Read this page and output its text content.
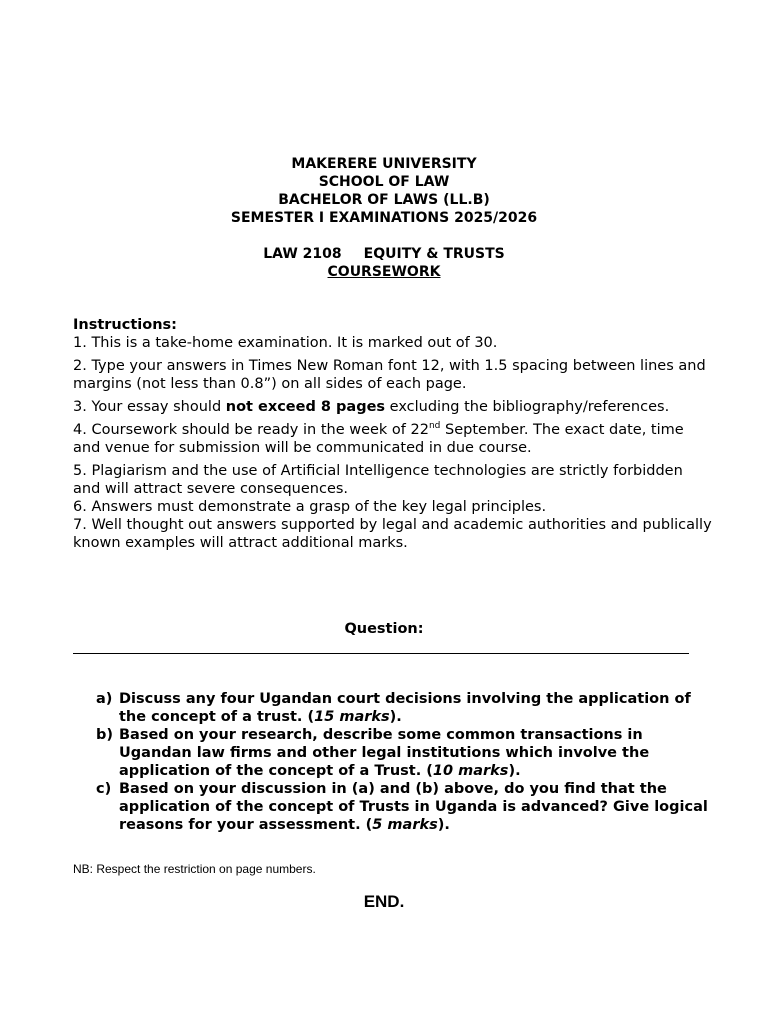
MAKERERE UNIVERSITY
SCHOOL OF LAW
BACHELOR OF LAWS (LL.B)
SEMESTER I EXAMINATIONS 2025/2026
LAW 2108 EQUITY & TRUSTS
COURSEWORK
Instructions:
1. This is a take-home examination. It is marked out of 30.
2. Type your answers in Times New Roman font 12, with 1.5 spacing between lines and margins (not less than 0.8”) on all sides of each page.
3. Your essay should not exceed 8 pages excluding the bibliography/references.
4. Coursework should be ready in the week of 22nd September. The exact date, time and venue for submission will be communicated in due course.
5. Plagiarism and the use of Artificial Intelligence technologies are strictly forbidden and will attract severe consequences.
6. Answers must demonstrate a grasp of the key legal principles.
7. Well thought out answers supported by legal and academic authorities and publically known examples will attract additional marks.
Question:
a) Discuss any four Ugandan court decisions involving the application of the concept of a trust. (15 marks).
b) Based on your research, describe some common transactions in Ugandan law firms and other legal institutions which involve the application of the concept of a Trust. (10 marks).
c) Based on your discussion in (a) and (b) above, do you find that the application of the concept of Trusts in Uganda is advanced? Give logical reasons for your assessment. (5 marks).
NB: Respect the restriction on page numbers.
END.
